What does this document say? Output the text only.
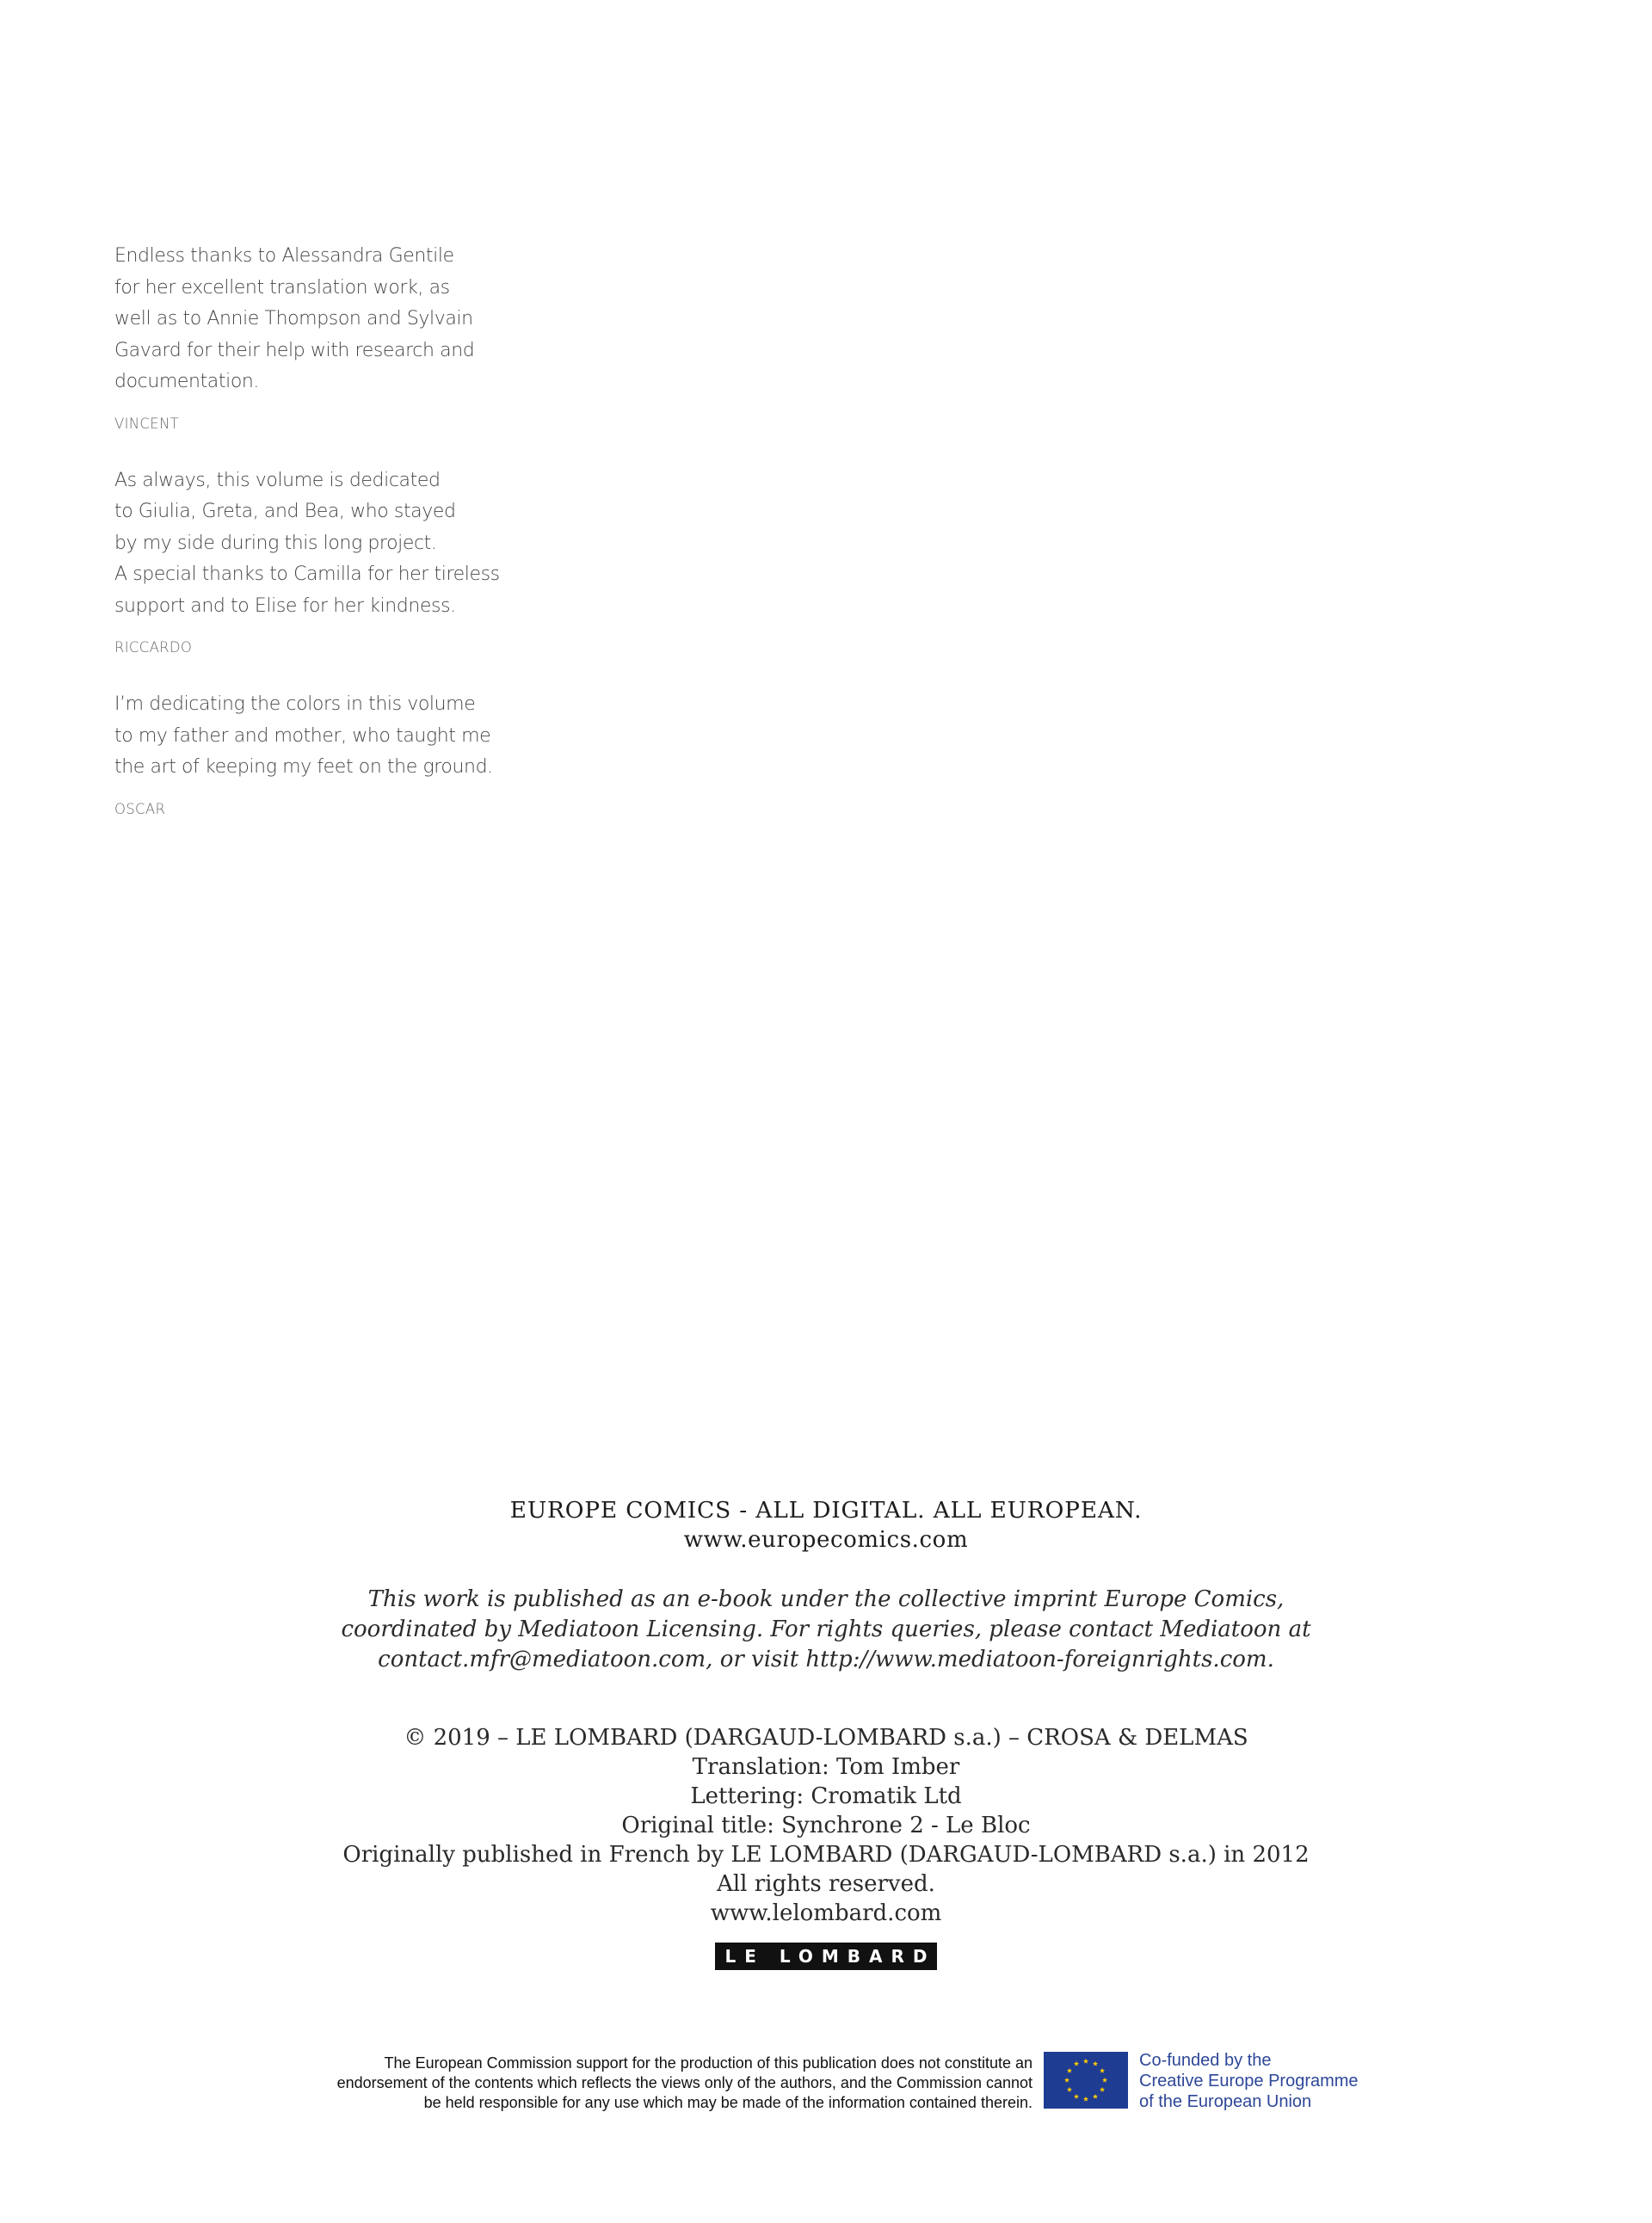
Endless thanks to Alessandra Gentile
for her excellent translation work, as
well as to Annie Thompson and Sylvain
Gavard for their help with research and
documentation.
VINCENT
As always, this volume is dedicated
to Giulia, Greta, and Bea, who stayed
by my side during this long project.
A special thanks to Camilla for her tireless
support and to Elise for her kindness.
RICCARDO
I’m dedicating the colors in this volume
to my father and mother, who taught me
the art of keeping my feet on the ground.
OSCAR
EUROPE COMICS - ALL DIGITAL. ALL EUROPEAN.
www.europecomics.com
This work is published as an e-book under the collective imprint Europe Comics,
coordinated by Mediatoon Licensing. For rights queries, please contact Mediatoon at
contact.mfr@mediatoon.com, or visit http://www.mediatoon-foreignrights.com.
© 2019 – LE LOMBARD (DARGAUD-LOMBARD s.a.) – CROSA & DELMAS
Translation: Tom Imber
Lettering: Cromatik Ltd
Original title: Synchrone 2 - Le Bloc
Originally published in French by LE LOMBARD (DARGAUD-LOMBARD s.a.) in 2012
All rights reserved.
www.lelombard.com
LE LOMBARD
The European Commission support for the production of this publication does not constitute an
endorsement of the contents which reflects the views only of the authors, and the Commission cannot
be held responsible for any use which may be made of the information contained therein.
Co-funded by the
Creative Europe Programme
of the European Union
